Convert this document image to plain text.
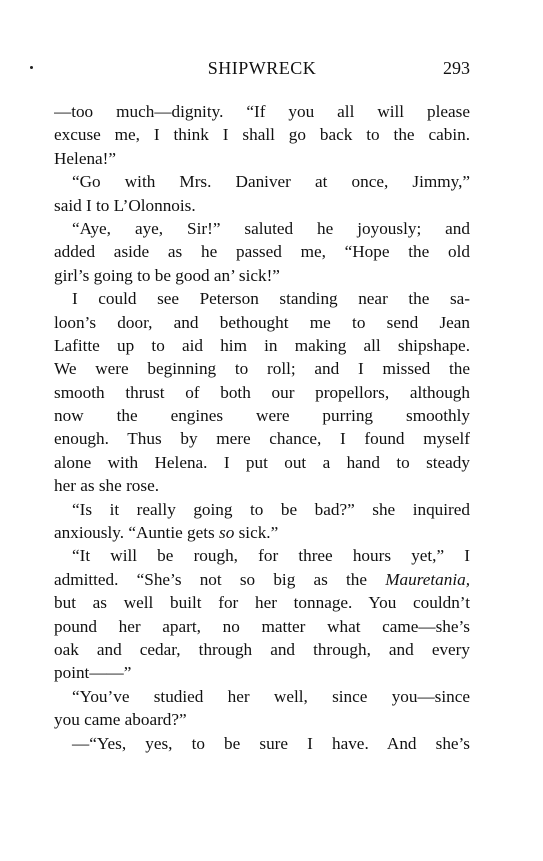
SHIPWRECK	293
—too much—dignity. “If you all will please
excuse me, I think I shall go back to the cabin.
Helena!”
“Go with Mrs. Daniver at once, Jimmy,”
said I to L’Olonnois.
“Aye, aye, Sir!” saluted he joyously; and
added aside as he passed me, “Hope the old
girl’s going to be good an’ sick!”
I could see Peterson standing near the sa-
loon’s door, and bethought me to send Jean
Lafitte up to aid him in making all shipshape.
We were beginning to roll; and I missed the
smooth thrust of both our propellors, although
now the engines were purring smoothly
enough. Thus by mere chance, I found myself
alone with Helena. I put out a hand to steady
her as she rose.
“Is it really going to be bad?” she inquired
anxiously. “Auntie gets so sick.”
“It will be rough, for three hours yet,” I
admitted. “She’s not so big as the Mauretania,
but as well built for her tonnage. You couldn’t
pound her apart, no matter what came—she’s
oak and cedar, through and through, and every
point——”
“You’ve studied her well, since you—since
you came aboard?”
—“Yes, yes, to be sure I have. And she’s
